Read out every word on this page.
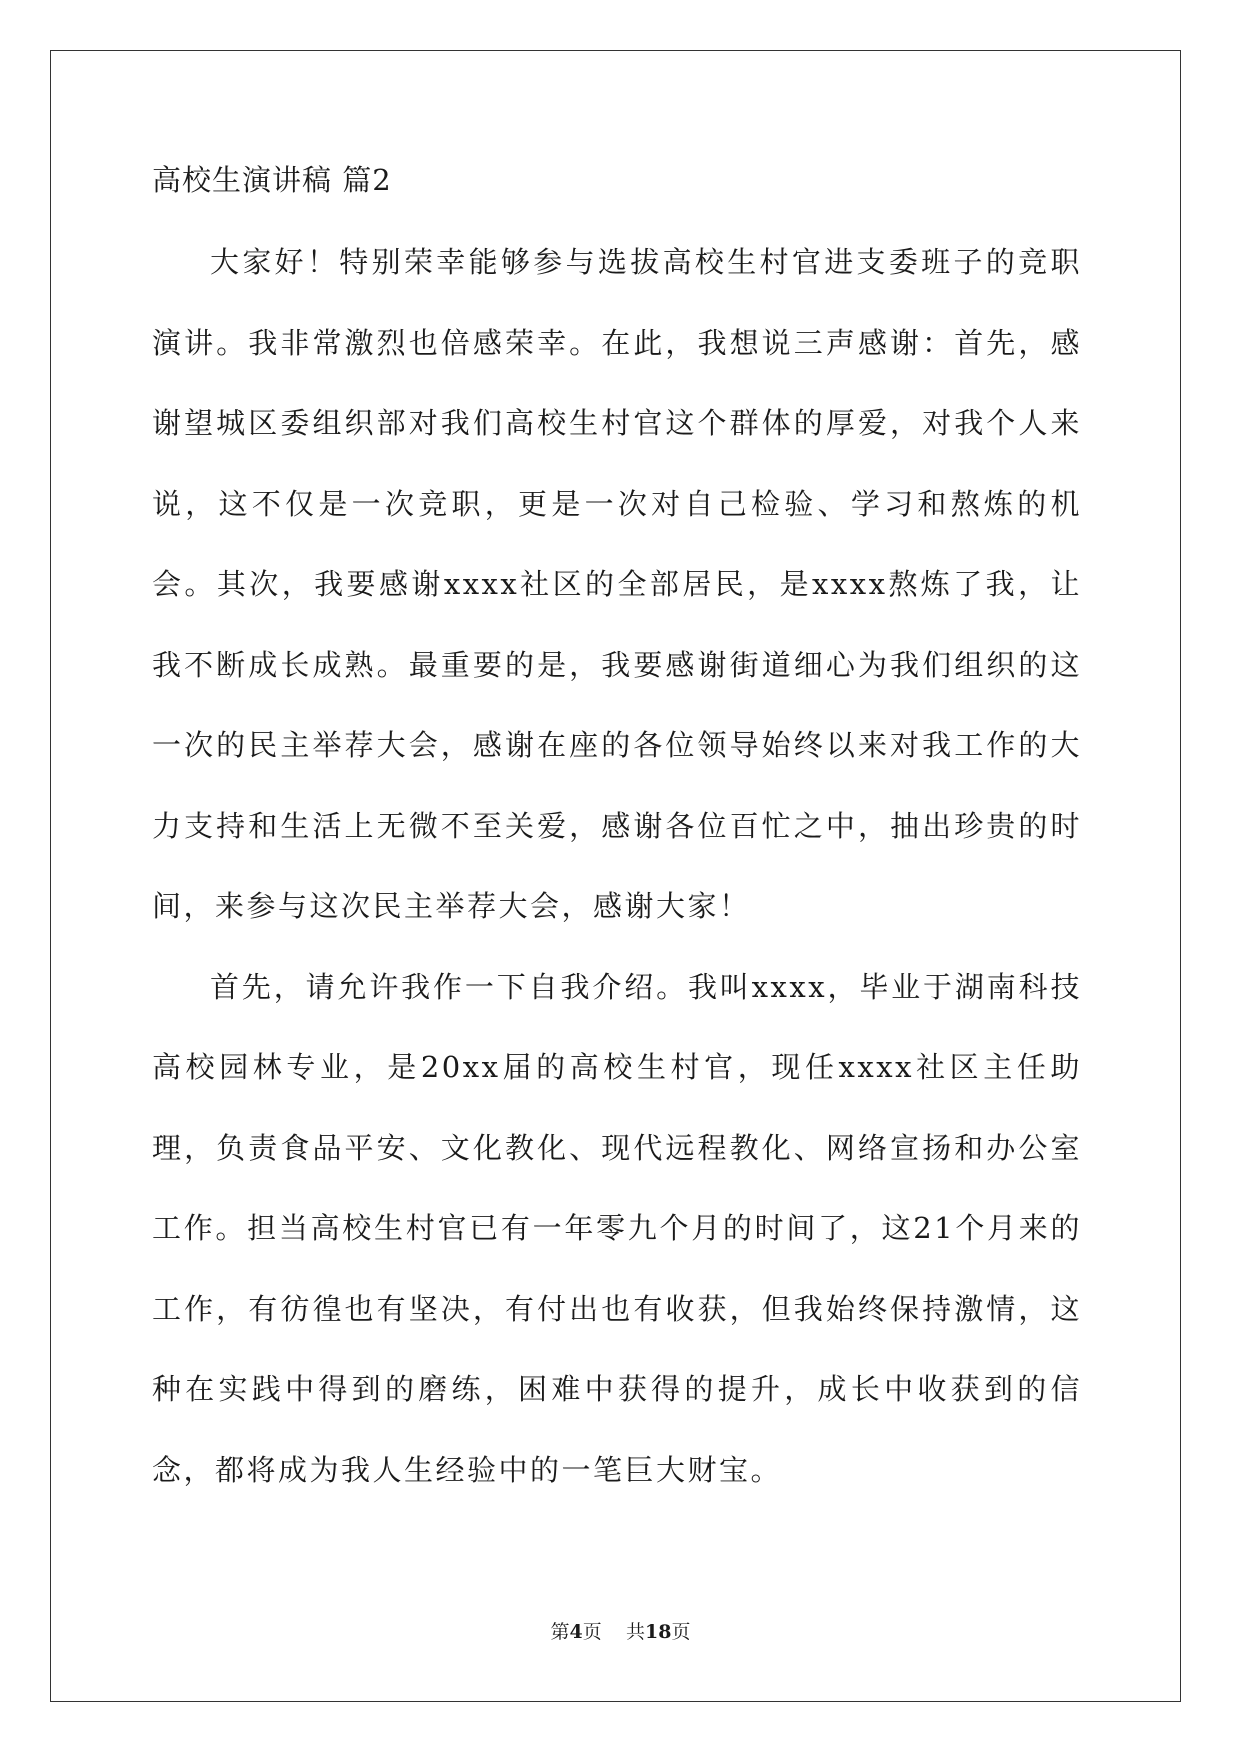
高校生演讲稿 篇2

大家好！特别荣幸能够参与选拔高校生村官进支委班子的竞职演讲。我非常激烈也倍感荣幸。在此，我想说三声感谢：首先，感谢望城区委组织部对我们高校生村官这个群体的厚爱，对我个人来说，这不仅是一次竞职，更是一次对自己检验、学习和熬炼的机会。其次，我要感谢xxxx社区的全部居民，是xxxx熬炼了我，让我不断成长成熟。最重要的是，我要感谢街道细心为我们组织的这一次的民主举荐大会，感谢在座的各位领导始终以来对我工作的大力支持和生活上无微不至关爱，感谢各位百忙之中，抽出珍贵的时间，来参与这次民主举荐大会，感谢大家！

首先，请允许我作一下自我介绍。我叫xxxx，毕业于湖南科技高校园林专业，是20xx届的高校生村官，现任xxxx社区主任助理，负责食品平安、文化教化、现代远程教化、网络宣扬和办公室工作。担当高校生村官已有一年零九个月的时间了，这21个月来的工作，有彷徨也有坚决，有付出也有收获，但我始终保持激情，这种在实践中得到的磨练，困难中获得的提升，成长中收获到的信念，都将成为我人生经验中的一笔巨大财宝。

第4页 共18页
